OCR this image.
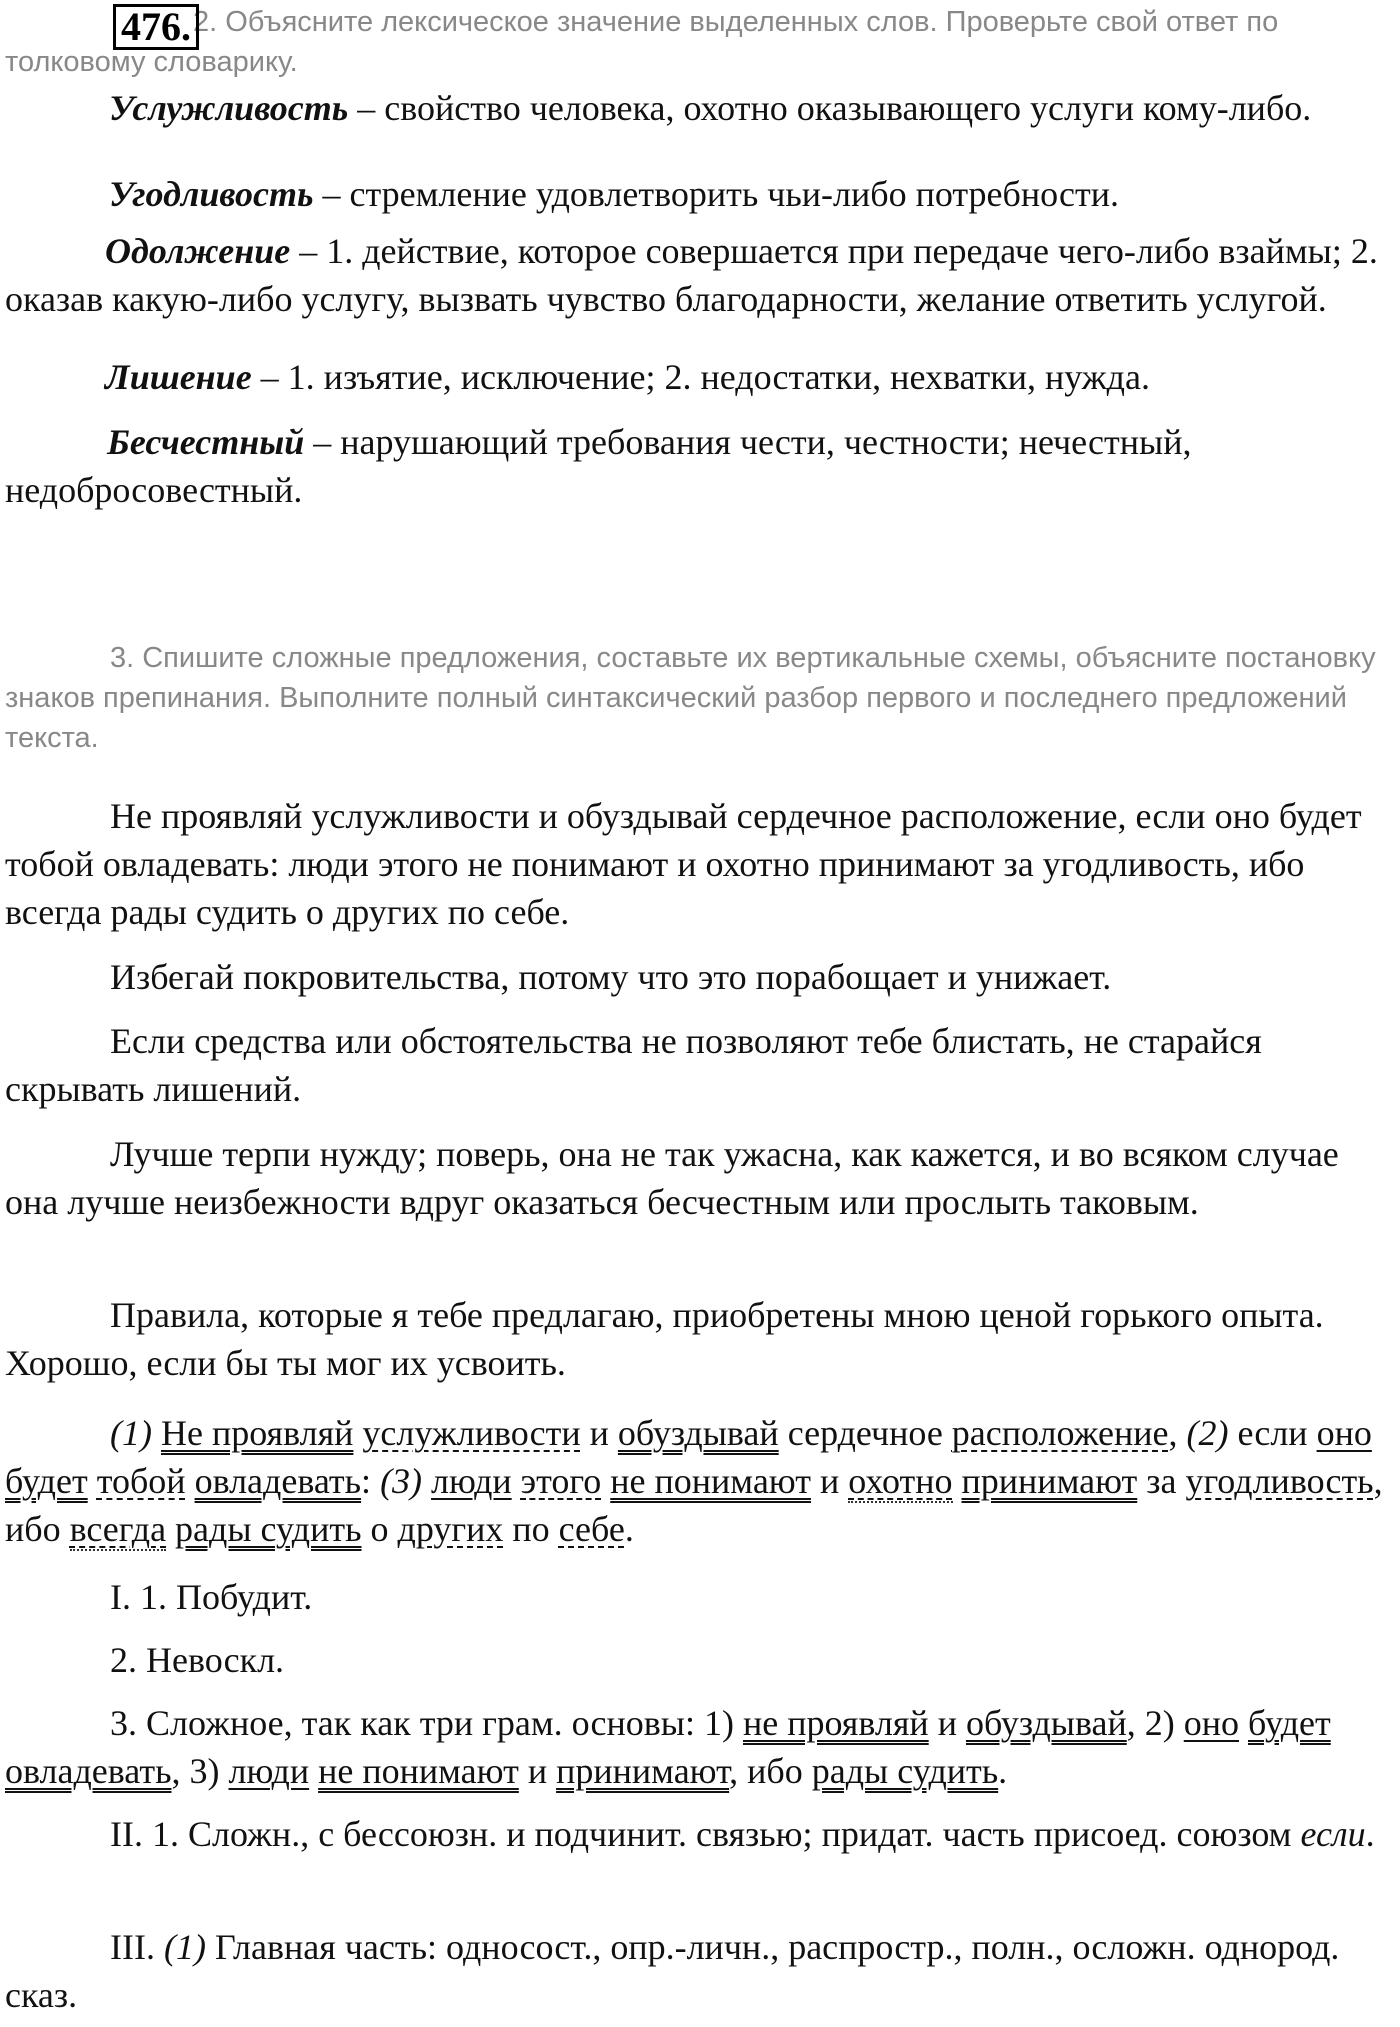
476. 2. Объясните лексическое значение выделенных слов. Проверьте свой ответ по толковому словарику.

Услужливость – свойство человека, охотно оказывающего услуги кому-либо.

Угодливость – стремление удовлетворить чьи-либо потребности.

Одолжение – 1. действие, которое совершается при передаче чего-либо взаймы; 2. оказав какую-либо услугу, вызвать чувство благодарности, желание ответить услугой.

Лишение – 1. изъятие, исключение; 2. недостатки, нехватки, нужда.

Бесчестный – нарушающий требования чести, честности; нечестный, недобросовестный.

3. Спишите сложные предложения, составьте их вертикальные схемы, объясните постановку знаков препинания. Выполните полный синтаксический разбор первого и последнего предложений текста.

Не проявляй услужливости и обуздывай сердечное расположение, если оно будет тобой овладевать: люди этого не понимают и охотно принимают за угодливость, ибо всегда рады судить о других по себе.

Избегай покровительства, потому что это порабощает и унижает.

Если средства или обстоятельства не позволяют тебе блистать, не старайся скрывать лишений.

Лучше терпи нужду; поверь, она не так ужасна, как кажется, и во всяком случае она лучше неизбежности вдруг оказаться бесчестным или прослыть таковым.

Правила, которые я тебе предлагаю, приобретены мною ценой горького опыта. Хорошо, если бы ты мог их усвоить.

(1) Не проявляй услужливости и обуздывай сердечное расположение, (2) если оно будет тобой овладевать: (3) люди этого не понимают и охотно принимают за угодливость, ибо всегда рады судить о других по себе.

I. 1. Побудит.

2. Невоскл.

3. Сложное, так как три грам. основы: 1) не проявляй и обуздывай, 2) оно будет овладевать, 3) люди не понимают и принимают, ибо рады судить.

II. 1. Сложн., с бессоюзн. и подчинит. связью; придат. часть присоед. союзом если.

III. (1) Главная часть: односост., опр.-личн., распростр., полн., осложн. однород. сказ.
